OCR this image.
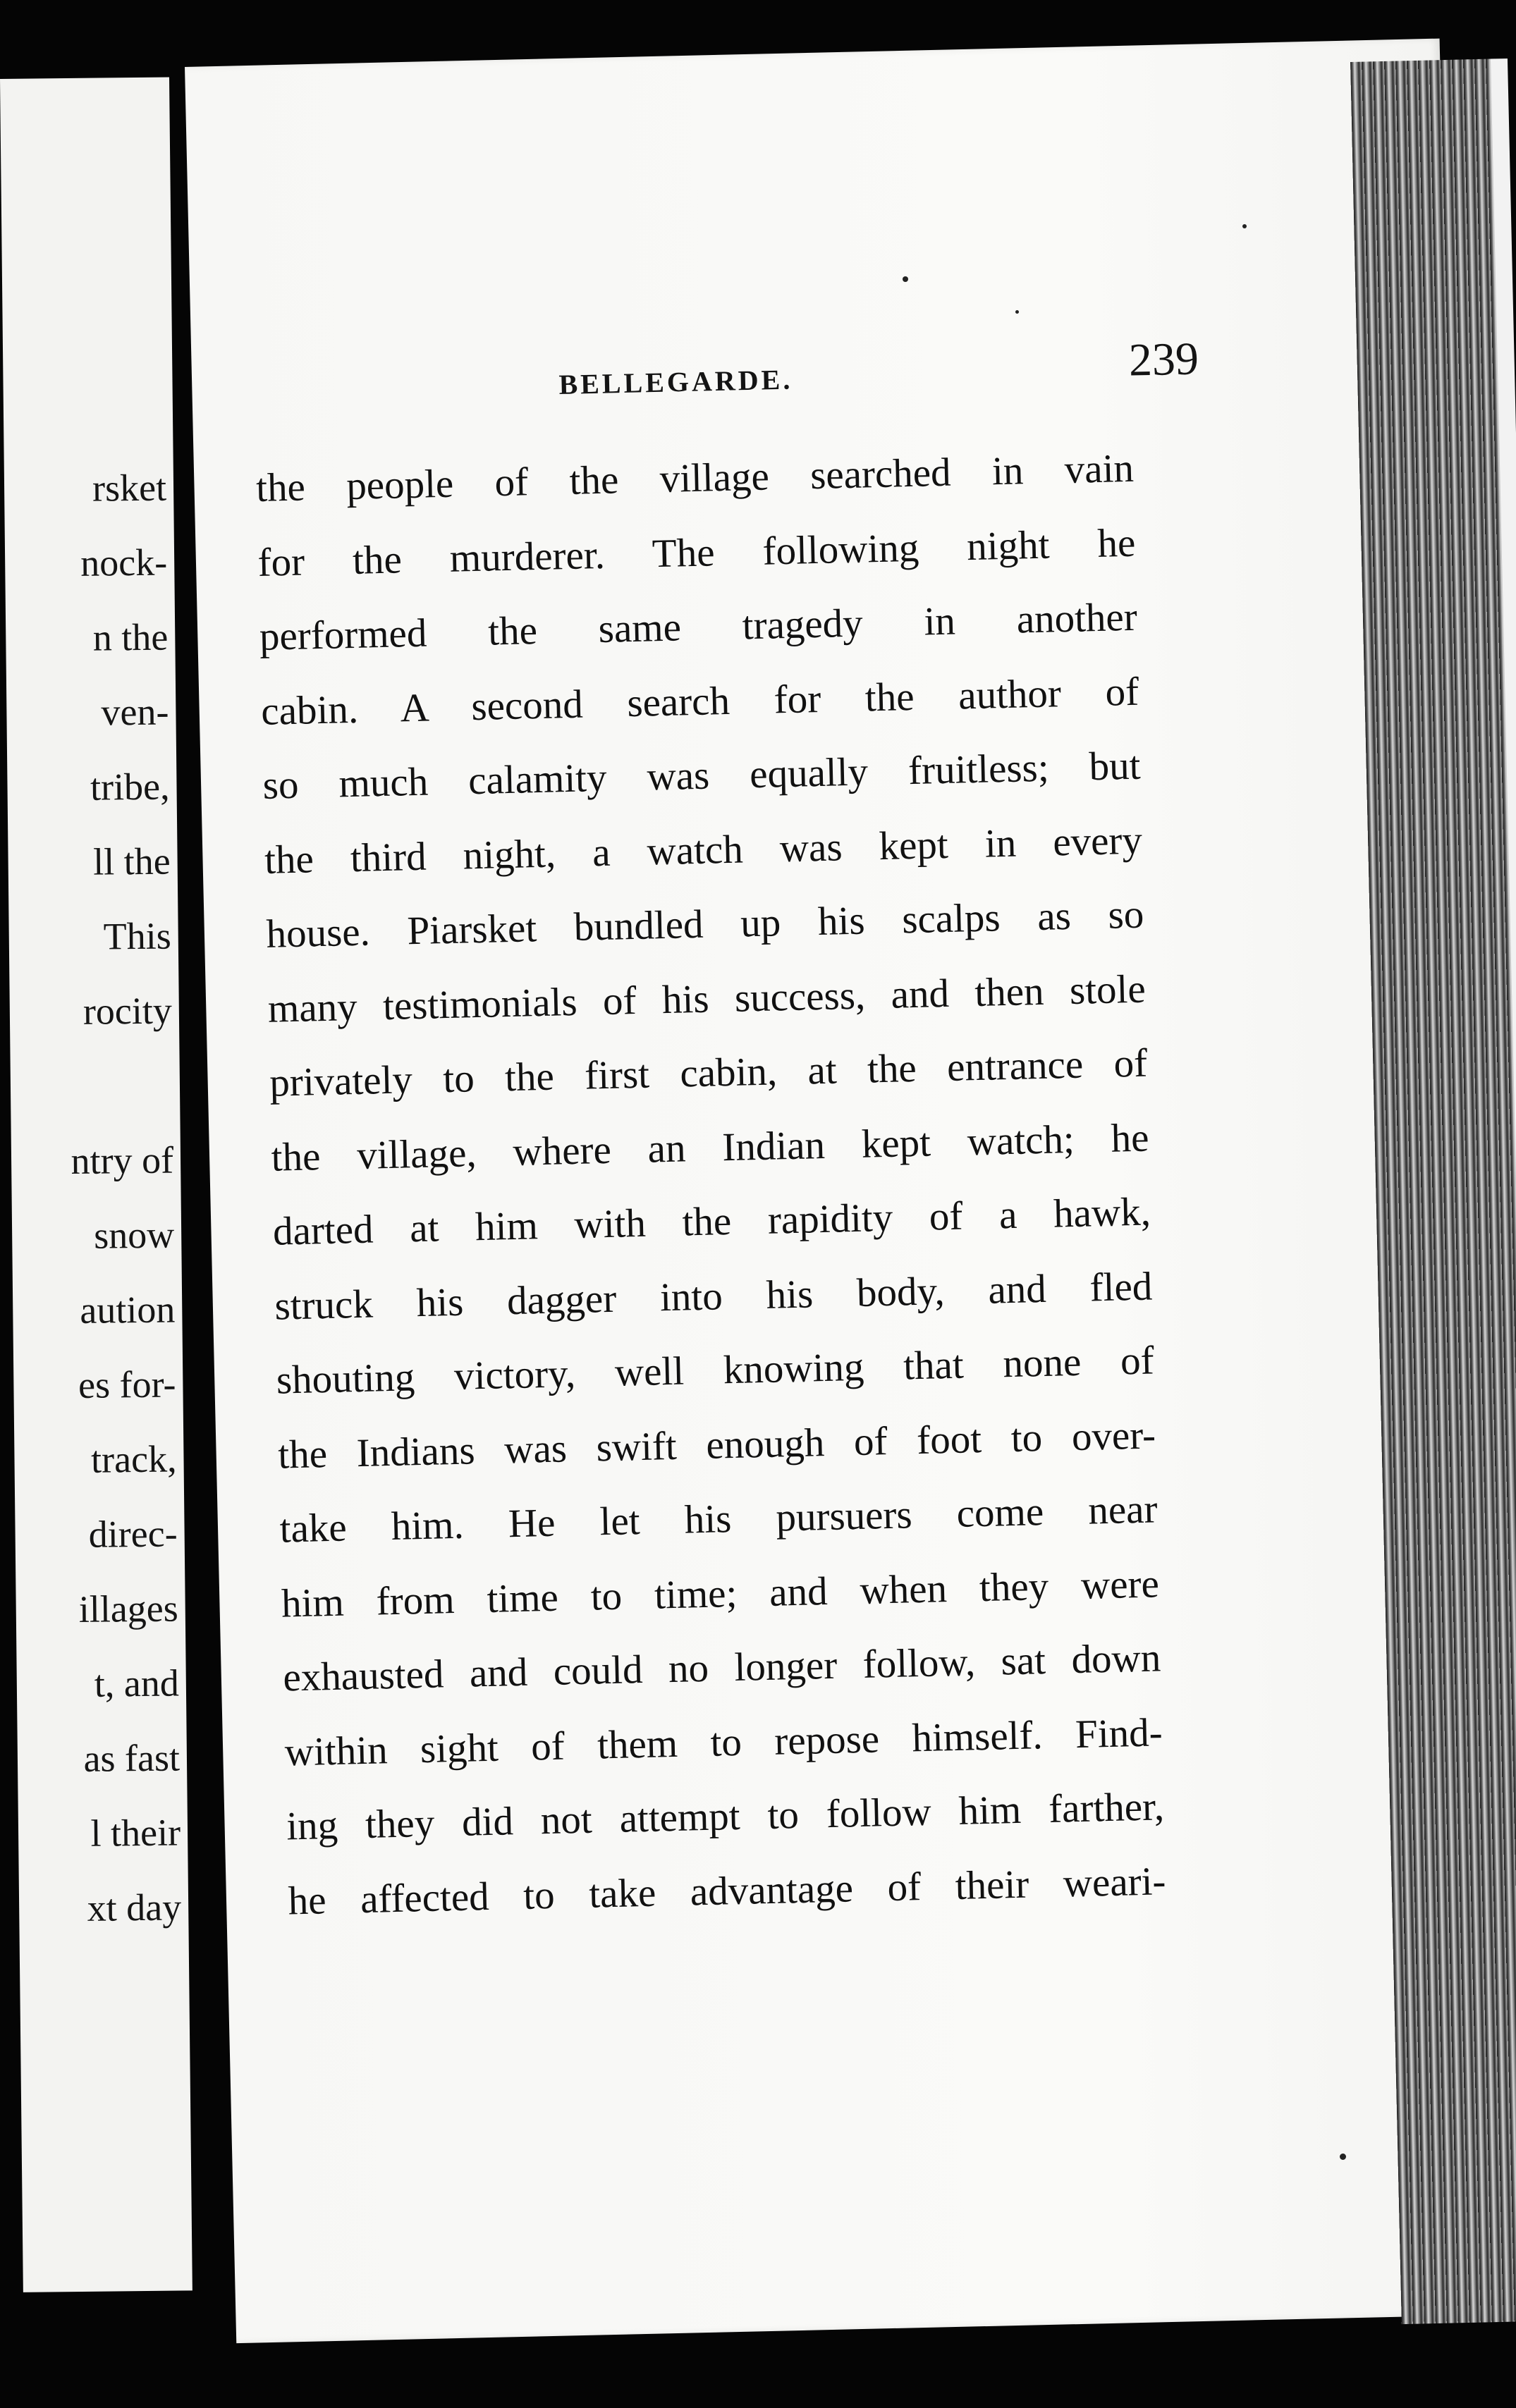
rsket
nock-
n the
ven-
tribe,
ll the
This
rocity
ntry of
snow
aution
es for-
track,
direc-
illages
t, and
as fast
l their
xt day
BELLEGARDE.	239
the people of the village searched in vain
for the murderer. The following night he
performed the same tragedy in another
cabin. A second search for the author of
so much calamity was equally fruitless; but
the third night, a watch was kept in every
house. Piarsket bundled up his scalps as so
many testimonials of his success, and then stole
privately to the first cabin, at the entrance of
the village, where an Indian kept watch; he
darted at him with the rapidity of a hawk,
struck his dagger into his body, and fled
shouting victory, well knowing that none of
the Indians was swift enough of foot to over-
take him. He let his pursuers come near
him from time to time; and when they were
exhausted and could no longer follow, sat down
within sight of them to repose himself. Find-
ing they did not attempt to follow him farther,
he affected to take advantage of their weari-
